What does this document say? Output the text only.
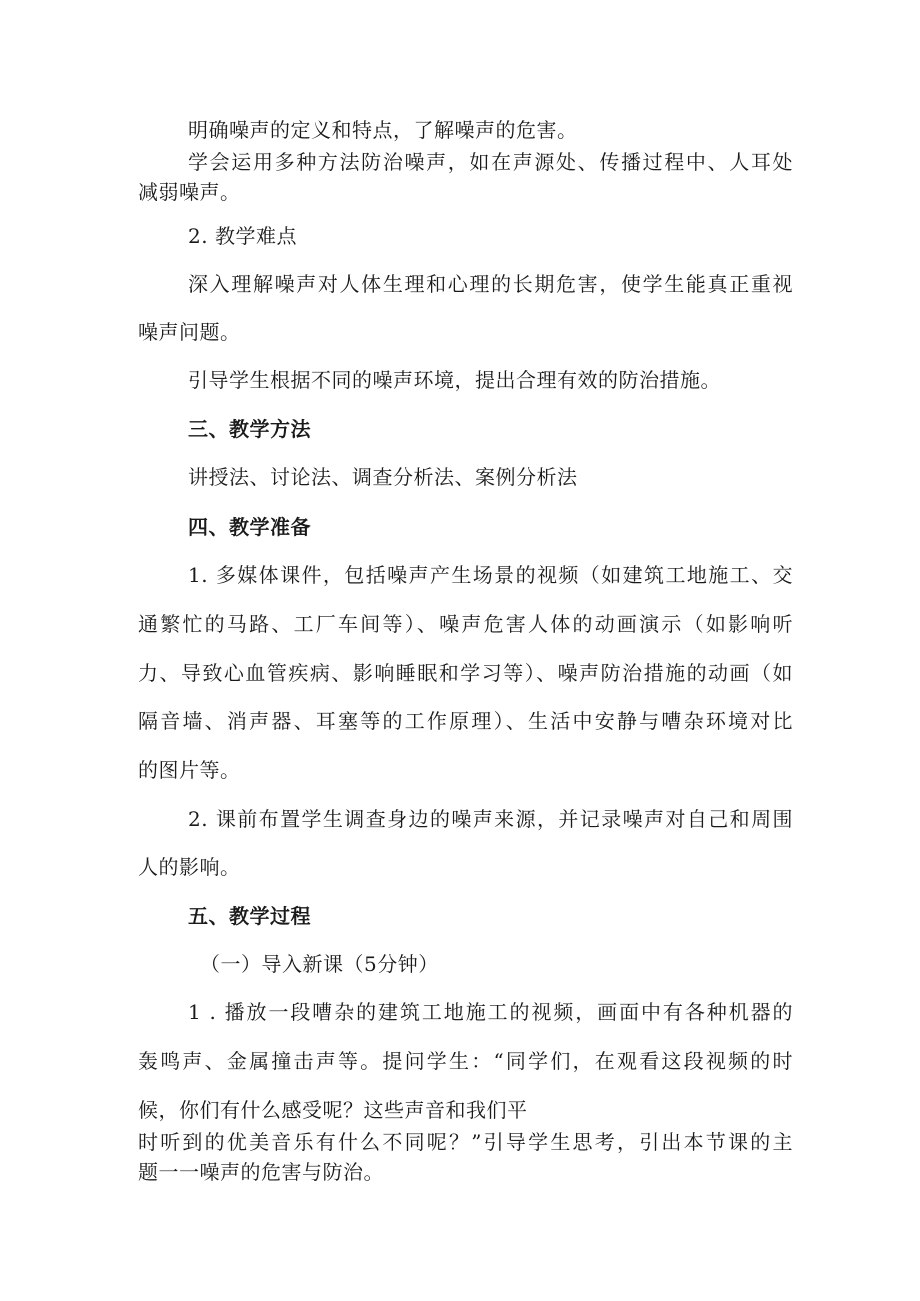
明确噪声的定义和特点，了解噪声的危害。
学会运用多种方法防治噪声，如在声源处、传播过程中、人耳处
减弱噪声。
2. 教学难点
深入理解噪声对人体生理和心理的长期危害，使学生能真正重视
噪声问题。
引导学生根据不同的噪声环境，提出合理有效的防治措施。
三、教学方法
讲授法、讨论法、调查分析法、案例分析法
四、教学准备
1. 多媒体课件，包括噪声产生场景的视频（如建筑工地施工、交
通繁忙的马路、工厂车间等）、噪声危害人体的动画演示（如影响听
力、导致心血管疾病、影响睡眠和学习等）、噪声防治措施的动画（如
隔音墙、消声器、耳塞等的工作原理）、生活中安静与嘈杂环境对比
的图片等。
2. 课前布置学生调查身边的噪声来源，并记录噪声对自己和周围
人的影响。
五、教学过程
（一）导入新课（5分钟）
1 . 播放一段嘈杂的建筑工地施工的视频，画面中有各种机器的
轰鸣声、金属撞击声等。提问学生：“同学们，在观看这段视频的时
候，你们有什么感受呢？这些声音和我们平
时听到的优美音乐有什么不同呢？”引导学生思考，引出本节课的主
题一一噪声的危害与防治。
